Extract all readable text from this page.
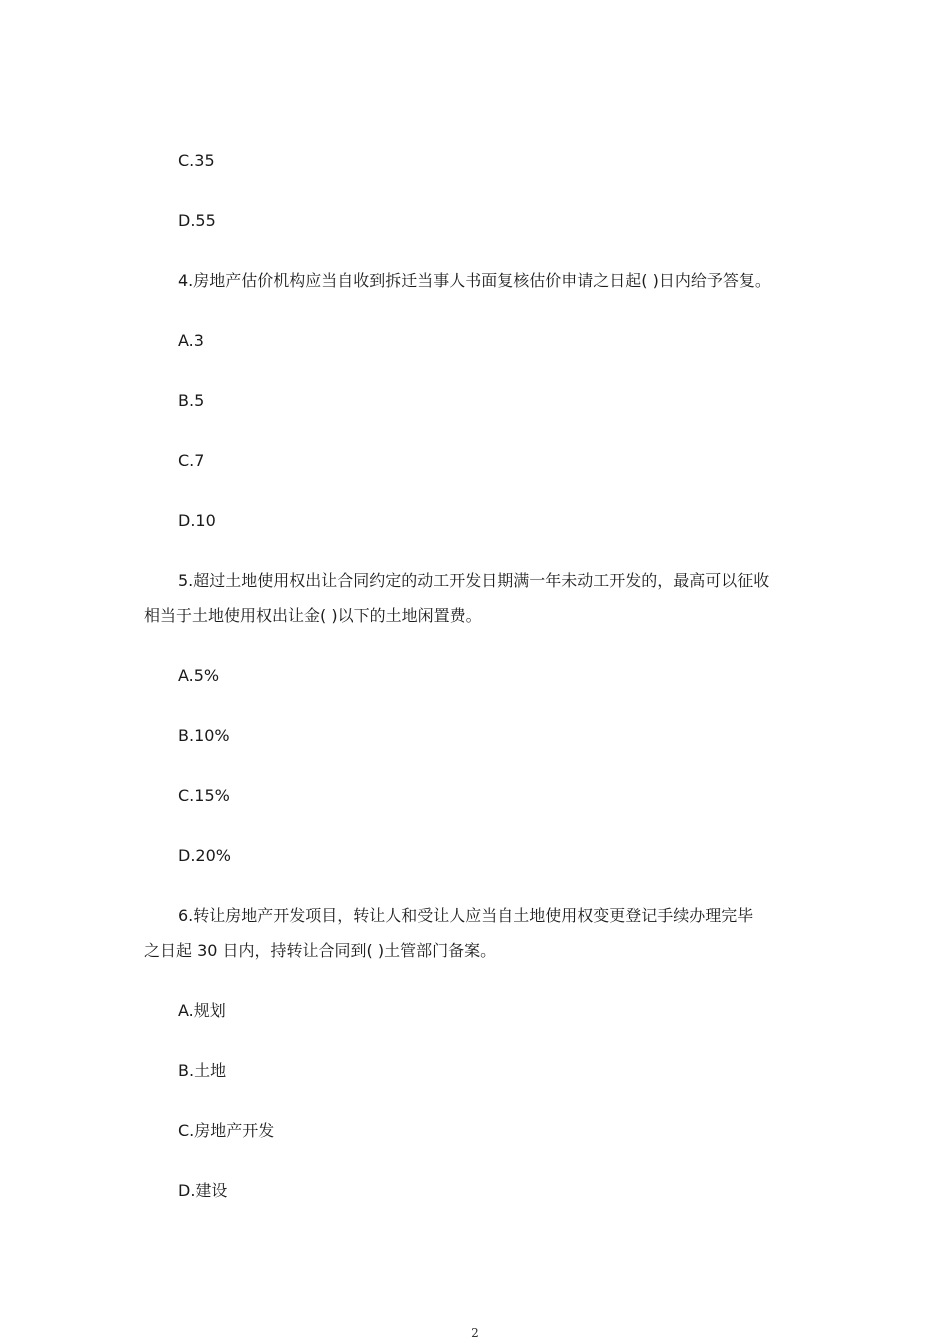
C.35
D.55
4.房地产估价机构应当自收到拆迁当事人书面复核估价申请之日起( )日内给予答复。
A.3
B.5
C.7
D.10
5.超过土地使用权出让合同约定的动工开发日期满一年未动工开发的，最高可以征收
相当于土地使用权出让金( )以下的土地闲置费。
A.5%
B.10%
C.15%
D.20%
6.转让房地产开发项目，转让人和受让人应当自土地使用权变更登记手续办理完毕
之日起 30 日内，持转让合同到( )土管部门备案。
A.规划
B.土地
C.房地产开发
D.建设
2
